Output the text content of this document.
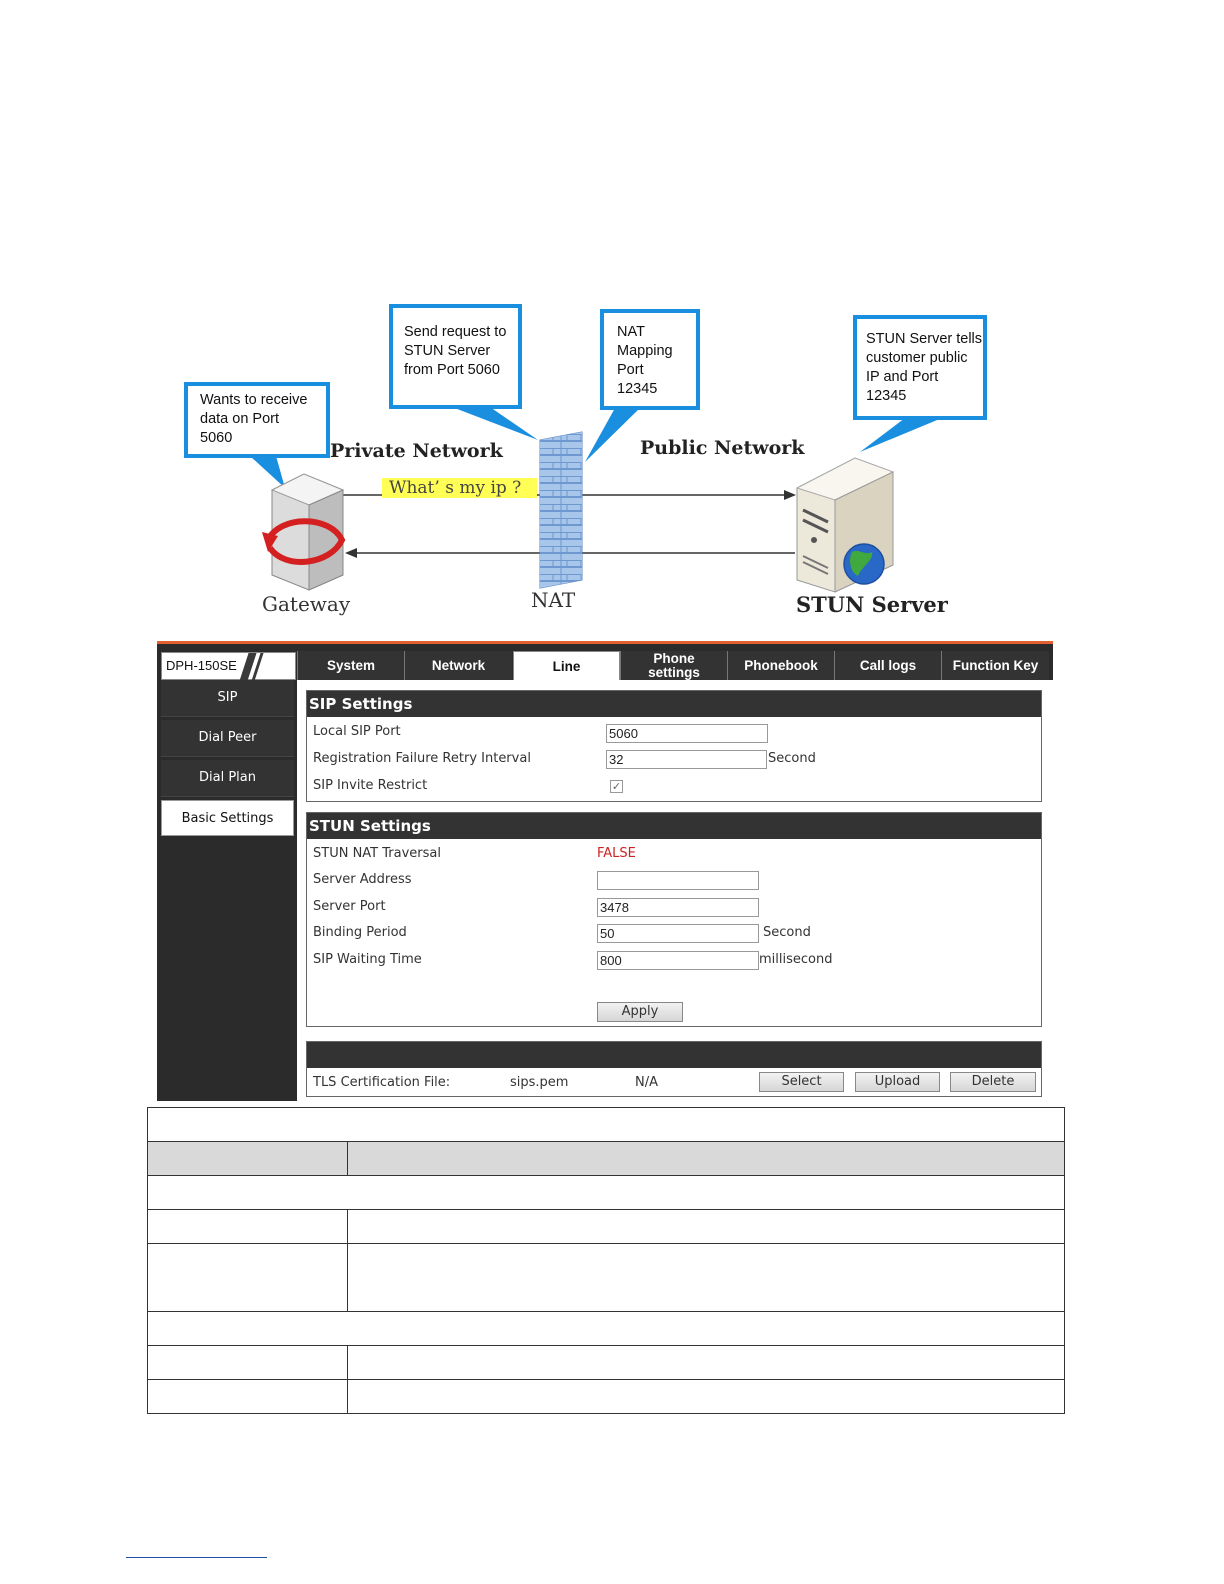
Wants to receive
data on Port
5060
Send request to
STUN Server
from Port 5060
NAT
Mapping
Port
12345
STUN Server tells
customer public
IP and Port
12345
Private Network	Public Network
What’ s my ip ?
Gateway	NAT	STUN Server
DPH-150SE	System	Network	Line
Phone settings	Phonebook	Call logs	Function Key
SIP
Dial Peer
Dial Plan
Basic Settings
SIP Settings
Local SIP Port	5060
Registration Failure Retry Interval	32	Second
SIP Invite Restrict	✓
STUN Settings
STUN NAT Traversal	FALSE
Server Address
Server Port	3478
Binding Period	50	Second
SIP Waiting Time	800	millisecond
Apply
TLS Certification File:	sips.pem	N/A	Select	Upload	Delete
